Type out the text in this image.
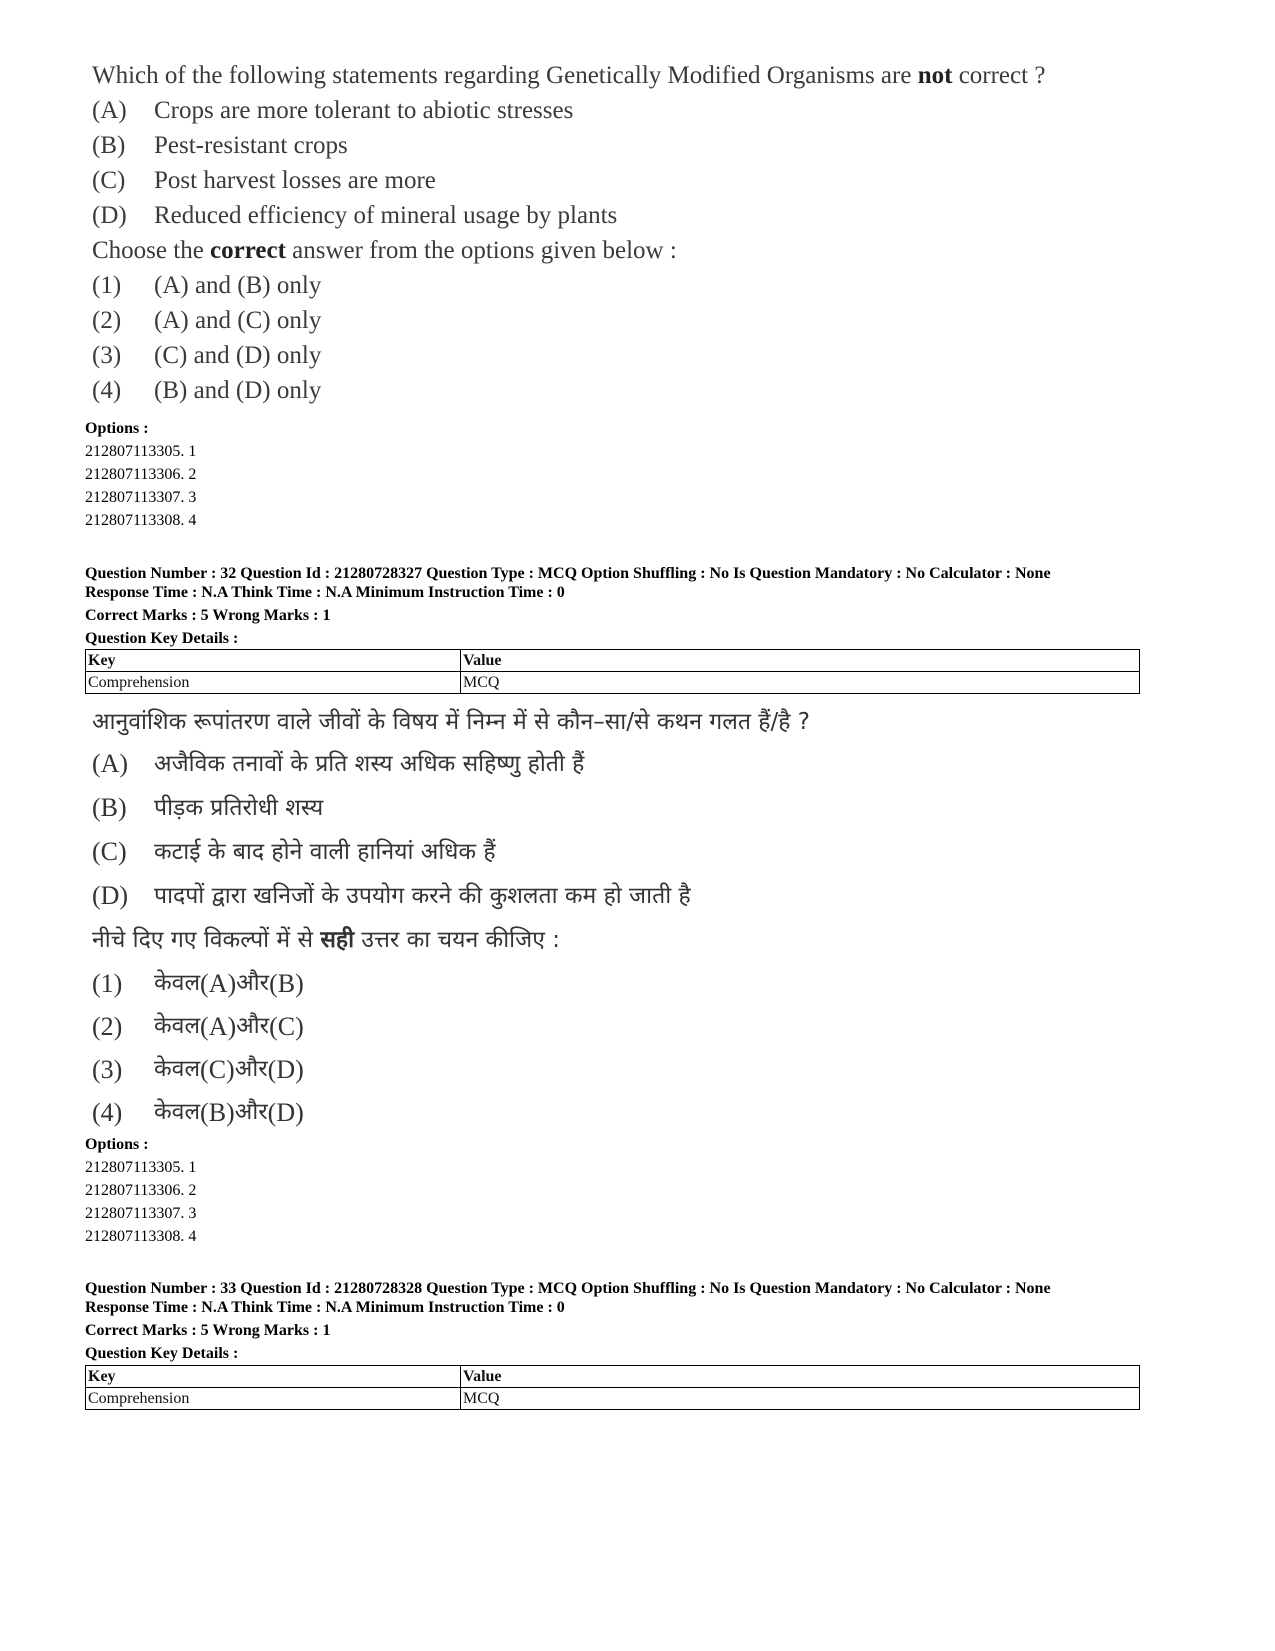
Which of the following statements regarding Genetically Modified Organisms are not correct ?
(A)	Crops are more tolerant to abiotic stresses
(B)	Pest-resistant crops
(C)	Post harvest losses are more
(D)	Reduced efficiency of mineral usage by plants
Choose the correct answer from the options given below :
(1)	(A) and (B) only
(2)	(A) and (C) only
(3)	(C) and (D) only
(4)	(B) and (D) only
Options :
212807113305. 1
212807113306. 2
212807113307. 3
212807113308. 4
Question Number : 32 Question Id : 21280728327 Question Type : MCQ Option Shuffling : No Is Question Mandatory : No Calculator : None
Response Time : N.A Think Time : N.A Minimum Instruction Time : 0
Correct Marks : 5 Wrong Marks : 1
Question Key Details :
Key	Value
Comprehension	MCQ
आनुवांशिक रूपांतरण वाले जीवों के विषय में निम्न में से कौन–सा/से कथन गलत हैं/है ?
(A)	अजैविक तनावों के प्रति शस्य अधिक सहिष्णु होती हैं
(B)	पीड़क प्रतिरोधी शस्य
(C)	कटाई के बाद होने वाली हानियां अधिक हैं
(D)	पादपों द्वारा खनिजों के उपयोग करने की कुशलता कम हो जाती है
नीचे दिए गए विकल्पों में से सही उत्तर का चयन कीजिए :
(1)	केवल (A) और (B)
(2)	केवल (A) और (C)
(3)	केवल (C) और (D)
(4)	केवल (B) और (D)
Options :
212807113305. 1
212807113306. 2
212807113307. 3
212807113308. 4
Question Number : 33 Question Id : 21280728328 Question Type : MCQ Option Shuffling : No Is Question Mandatory : No Calculator : None
Response Time : N.A Think Time : N.A Minimum Instruction Time : 0
Correct Marks : 5 Wrong Marks : 1
Question Key Details :
Key	Value
Comprehension	MCQ
